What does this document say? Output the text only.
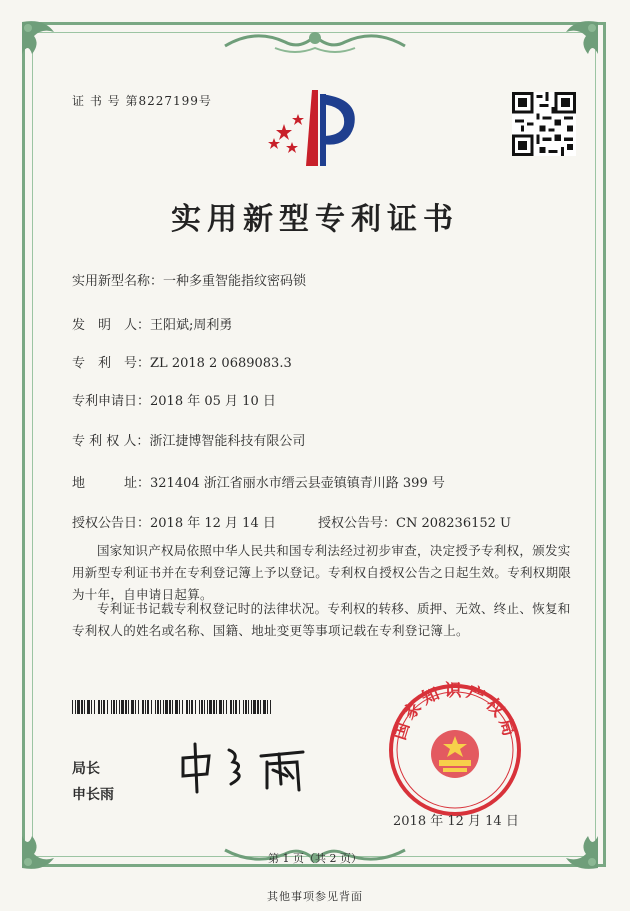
证 书 号 第8227199号
实用新型专利证书
实用新型名称：一种多重智能指纹密码锁
发　明　人：王阳斌;周利勇
专　利　号：ZL 2018 2 0689083.3
专利申请日：2018 年 05 月 10 日
专 利 权 人：浙江捷博智能科技有限公司
地　　　址：321404 浙江省丽水市缙云县壶镇镇青川路 399 号
授权公告日：2018 年 12 月 14 日	授权公告号：CN 208236152 U
国家知识产权局依照中华人民共和国专利法经过初步审查，决定授予专利权，颁发实用新型专利证书并在专利登记簿上予以登记。专利权自授权公告之日起生效。专利权期限为十年，自申请日起算。
专利证书记载专利权登记时的法律状况。专利权的转移、质押、无效、终止、恢复和专利权人的姓名或名称、国籍、地址变更等事项记载在专利登记簿上。
局长
申长雨
国家知识产权局
2018 年 12 月 14 日
第 1 页（共 2 页）
其他事项参见背面
